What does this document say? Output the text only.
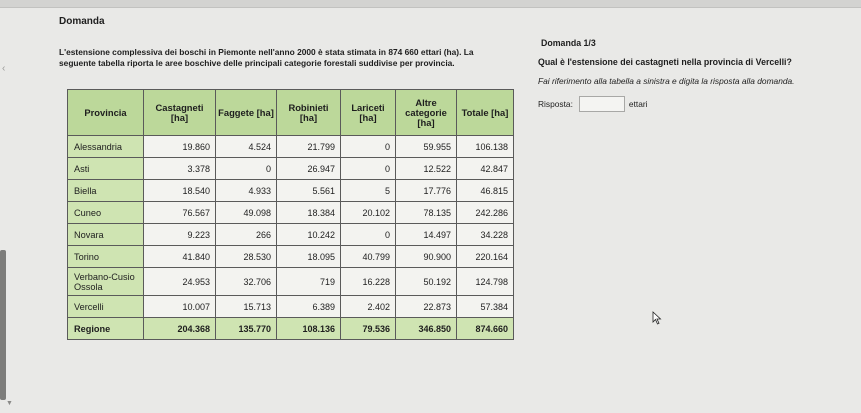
‹
Domanda
L'estensione complessiva dei boschi in Piemonte nell'anno 2000 è stata stimata in 874 660 ettari (ha). La
seguente tabella riporta le aree boschive delle principali categorie forestali suddivise per provincia.
Provincia	Castagneti [ha]	Faggete [ha]	Robinieti [ha]	Lariceti [ha]	Altre categorie [ha]	Totale [ha]
Alessandria	19.860	4.524	21.799	0	59.955	106.138
Asti	3.378	0	26.947	0	12.522	42.847
Biella	18.540	4.933	5.561	5	17.776	46.815
Cuneo	76.567	49.098	18.384	20.102	78.135	242.286
Novara	9.223	266	10.242	0	14.497	34.228
Torino	41.840	28.530	18.095	40.799	90.900	220.164
Verbano-Cusio Ossola	24.953	32.706	719	16.228	50.192	124.798
Vercelli	10.007	15.713	6.389	2.402	22.873	57.384
Regione	204.368	135.770	108.136	79.536	346.850	874.660
Domanda 1/3
Qual è l'estensione dei castagneti nella provincia di Vercelli?
Fai riferimento alla tabella a sinistra e digita la risposta alla domanda.
Risposta:	ettari
▼
